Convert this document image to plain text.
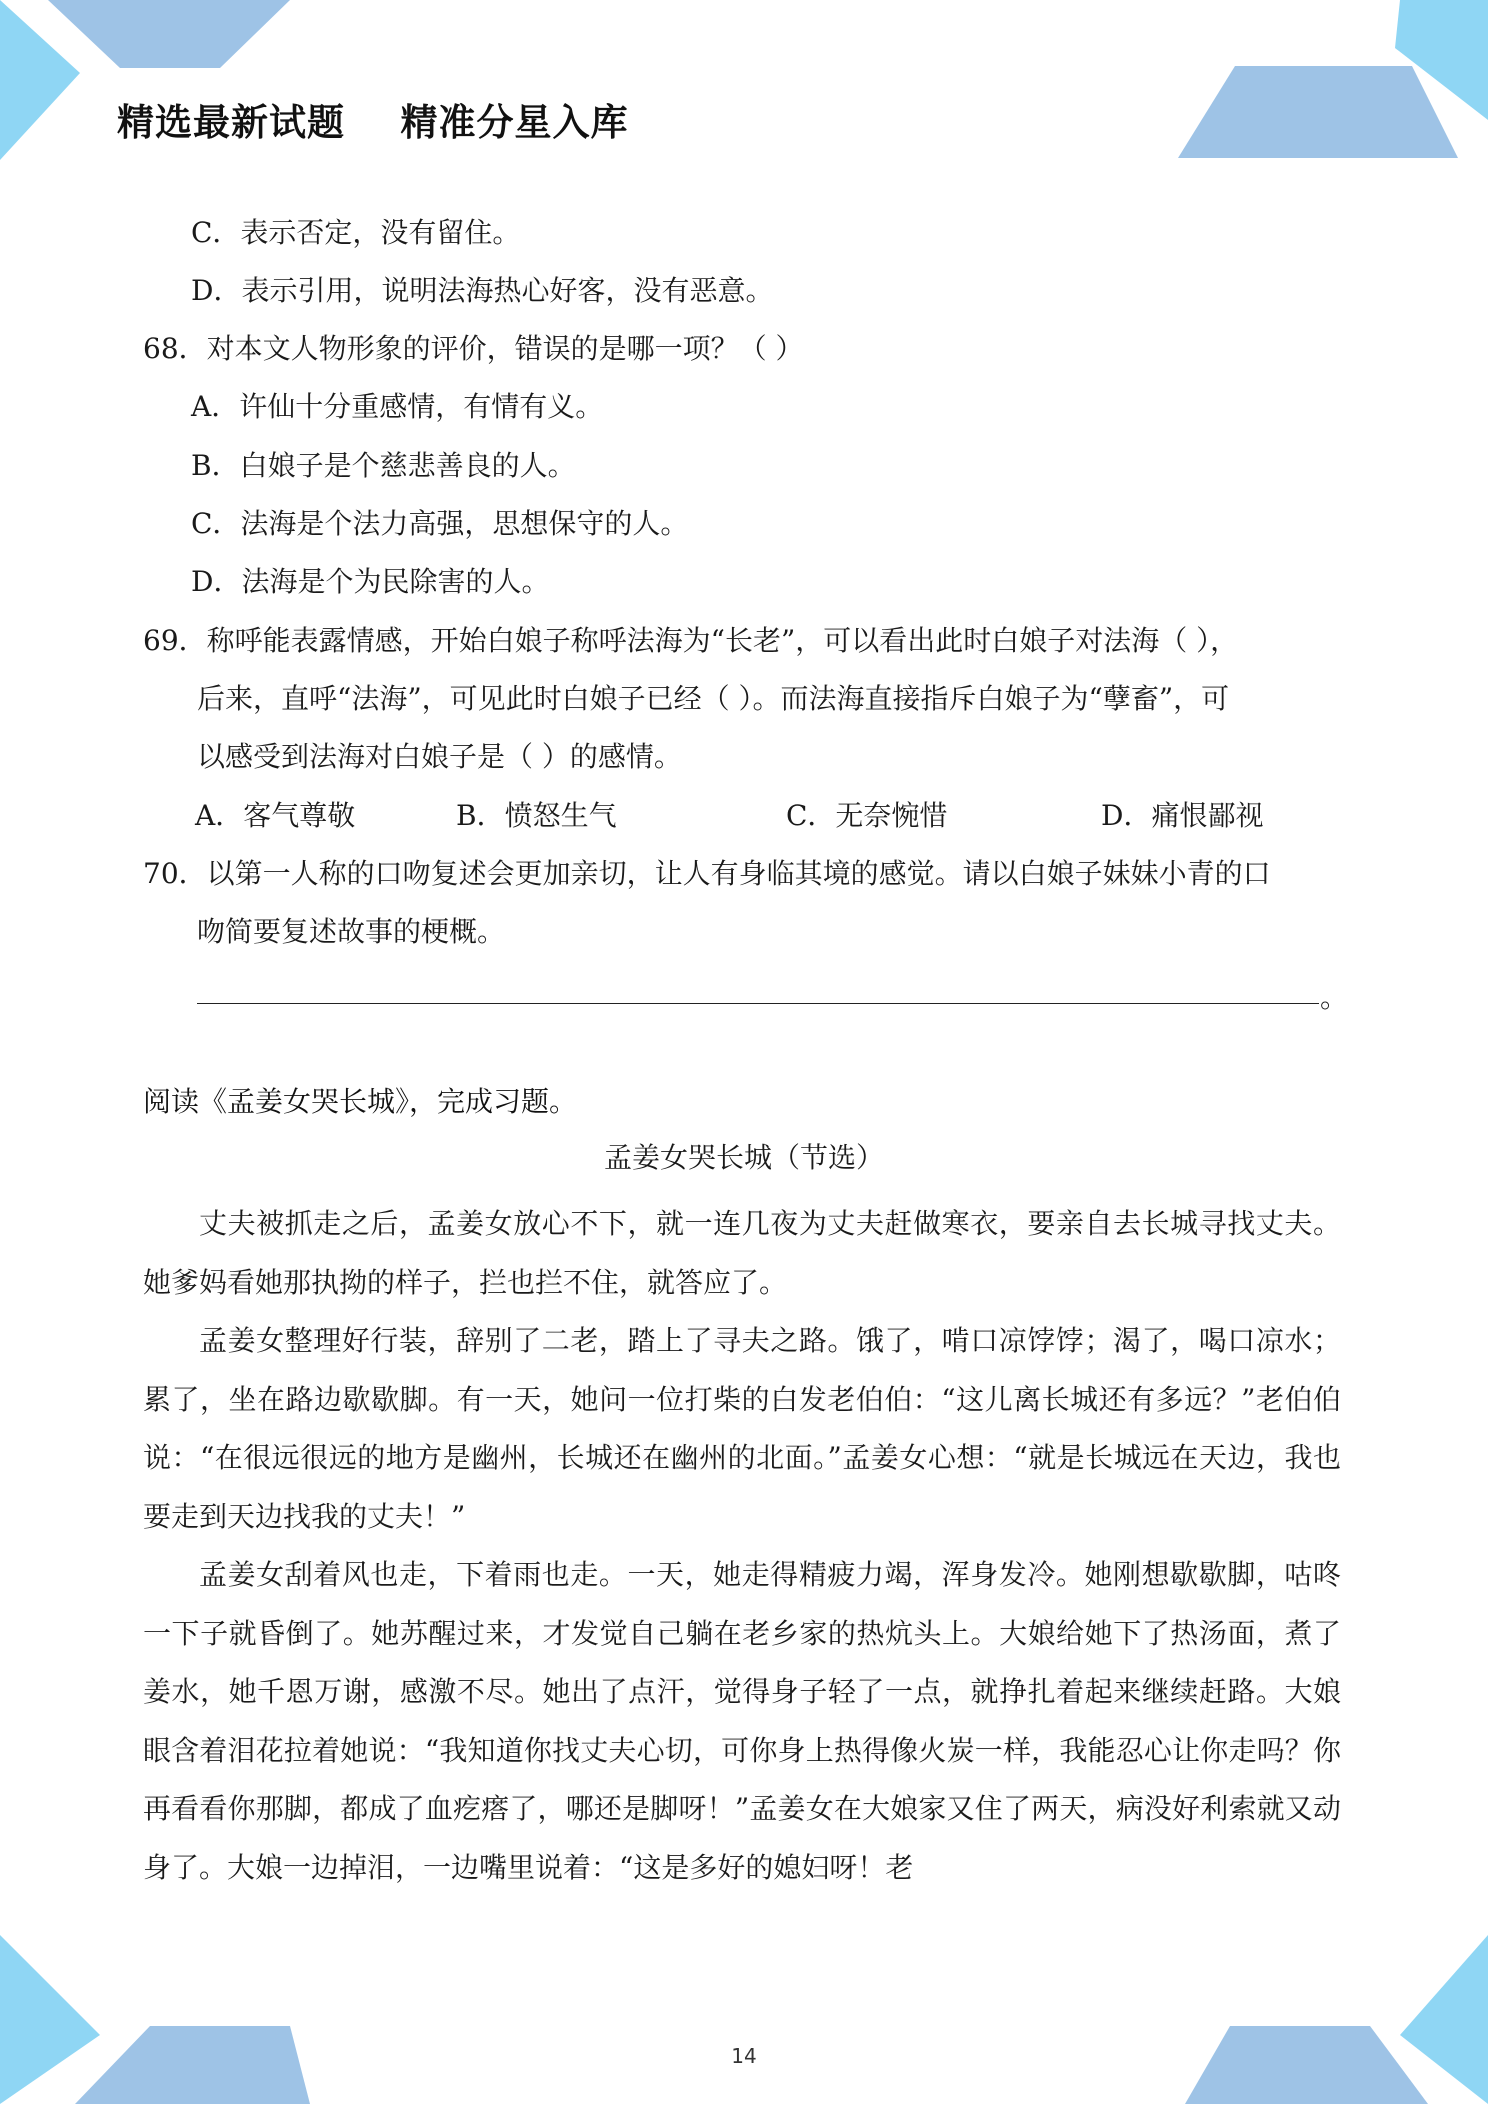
精选最新试题    精准分星入库
C．表示否定，没有留住。
D．表示引用，说明法海热心好客，没有恶意。
68．对本文人物形象的评价，错误的是哪一项？（ ）
A．许仙十分重感情，有情有义。
B．白娘子是个慈悲善良的人。
C．法海是个法力高强，思想保守的人。
D．法海是个为民除害的人。
69．称呼能表露情感，开始白娘子称呼法海为“长老”，可以看出此时白娘子对法海（ ），
后来，直呼“法海”，可见此时白娘子已经（ ）。而法海直接指斥白娘子为“孽畜”，可
以感受到法海对白娘子是（ ）的感情。
A．客气尊敬	B．愤怒生气	C．无奈惋惜	D．痛恨鄙视
70．以第一人称的口吻复述会更加亲切，让人有身临其境的感觉。请以白娘子妹妹小青的口
吻简要复述故事的梗概。
。
阅读《孟姜女哭长城》，完成习题。
孟姜女哭长城（节选）

丈夫被抓走之后，孟姜女放心不下，就一连几夜为丈夫赶做寒衣，要亲自去长城寻找丈夫。她爹妈看她那执拗的样子，拦也拦不住，就答应了。

孟姜女整理好行装，辞别了二老，踏上了寻夫之路。饿了，啃口凉饽饽；渴了，喝口凉水；累了，坐在路边歇歇脚。有一天，她问一位打柴的白发老伯伯：“这儿离长城还有多远？”老伯伯说：“在很远很远的地方是幽州，长城还在幽州的北面。”孟姜女心想：“就是长城远在天边，我也要走到天边找我的丈夫！”

孟姜女刮着风也走，下着雨也走。一天，她走得精疲力竭，浑身发冷。她刚想歇歇脚，咕咚一下子就昏倒了。她苏醒过来，才发觉自己躺在老乡家的热炕头上。大娘给她下了热汤面，煮了姜水，她千恩万谢，感激不尽。她出了点汗，觉得身子轻了一点，就挣扎着起来继续赶路。大娘眼含着泪花拉着她说：“我知道你找丈夫心切，可你身上热得像火炭一样，我能忍心让你走吗？你再看看你那脚，都成了血疙瘩了，哪还是脚呀！”孟姜女在大娘家又住了两天，病没好利索就又动身了。大娘一边掉泪，一边嘴里说着：“这是多好的媳妇呀！老

14
